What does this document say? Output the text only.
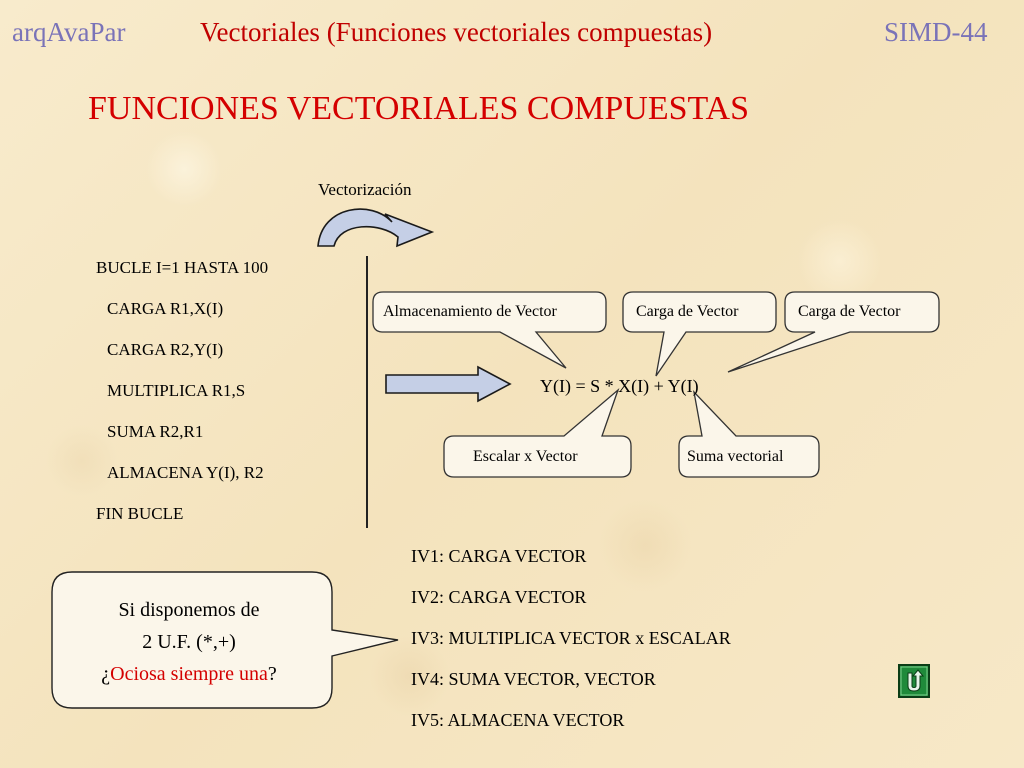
arqAvaPar	Vectoriales (Funciones vectoriales compuestas)	SIMD-44
FUNCIONES VECTORIALES COMPUESTAS
Vectorización
BUCLE I=1 HASTA 100
CARGA R1,X(I)
CARGA R2,Y(I)
MULTIPLICA R1,S
SUMA R2,R1
ALMACENA Y(I), R2
FIN BUCLE
Almacenamiento de Vector	Carga de Vector	Carga de Vector
Escalar x Vector	Suma vectorial
Y(I) = S * X(I) + Y(I)
IV1: CARGA VECTOR
IV2: CARGA VECTOR
IV3: MULTIPLICA VECTOR x ESCALAR
IV4: SUMA VECTOR, VECTOR
IV5: ALMACENA VECTOR
Si disponemos de
2 U.F. (*,+)
¿Ociosa siempre una?
